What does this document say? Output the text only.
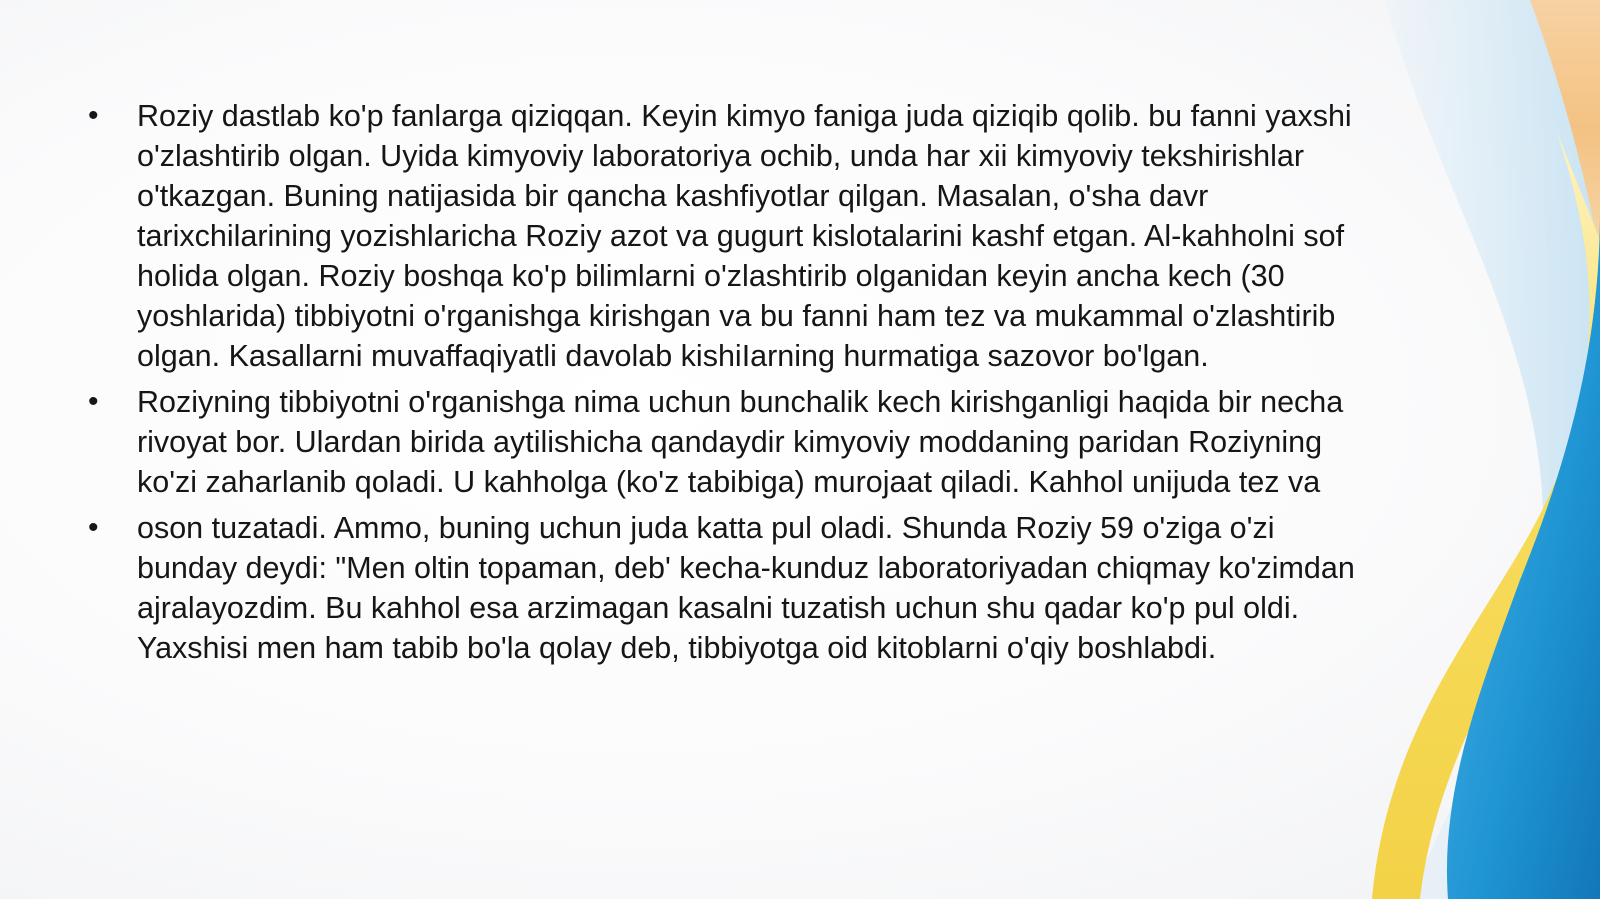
•	Roziy dastlab ko'p fanlarga qiziqqan. Keyin kimyo faniga juda qiziqib qolib. bu fanni yaxshi
o'zlashtirib olgan. Uyida kimyoviy laboratoriya ochib, unda har xii kimyoviy tekshirishlar
o'tkazgan. Buning natijasida bir qancha kashfiyotlar qilgan. Masalan, o'sha davr
tarixchilarining yozishlaricha Roziy azot va gugurt kislotalarini kashf etgan. Al-kahholni sof
holida olgan. Roziy boshqa ko'p bilimlarni o'zlashtirib olganidan keyin ancha kech (30
yoshlarida) tibbiyotni o'rganishga kirishgan va bu fanni ham tez va mukammal o'zlashtirib
olgan. Kasallarni muvaffaqiyatli davolab kishiIarning hurmatiga sazovor bo'lgan.
•	Roziyning tibbiyotni o'rganishga nima uchun bunchalik kech kirishganligi haqida bir necha
rivoyat bor. Ulardan birida aytilishicha qandaydir kimyoviy moddaning paridan Roziyning
ko'zi zaharlanib qoladi. U kahholga (ko'z tabibiga) murojaat qiladi. Kahhol unijuda tez va
•	oson tuzatadi. Ammo, buning uchun juda katta pul oladi. Shunda Roziy 59 o'ziga o'zi
bunday deydi: "Men oltin topaman, deb' kecha-kunduz laboratoriyadan chiqmay ko'zimdan
ajralayozdim. Bu kahhol esa arzimagan kasalni tuzatish uchun shu qadar ko'p pul oldi.
Yaxshisi men ham tabib bo'la qolay deb, tibbiyotga oid kitoblarni o'qiy boshlabdi.
